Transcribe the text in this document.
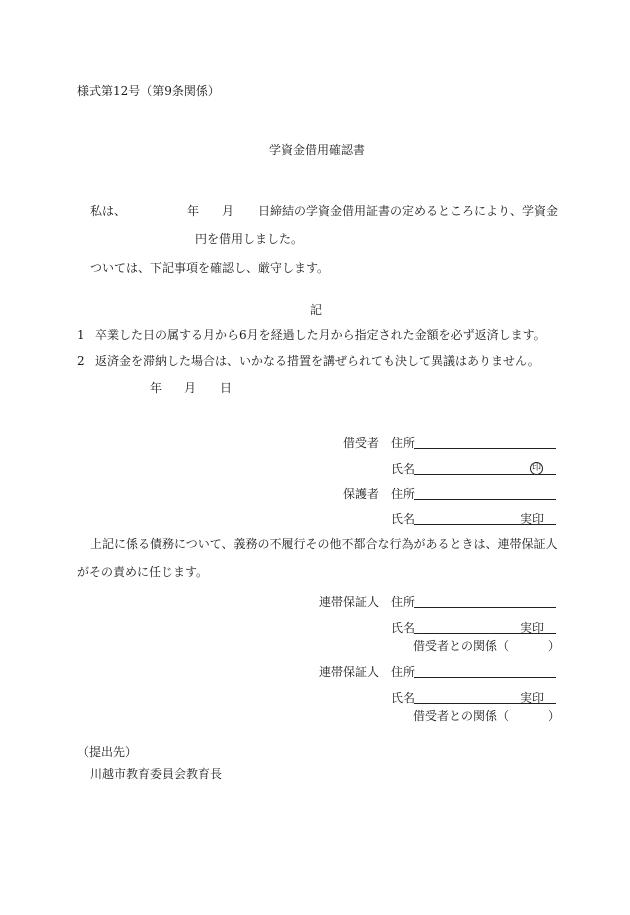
様式第12号（第9条関係）
学資金借用確認書
私は、	年 月 日締結の学資金借用証書の定めるところにより、学資金
円を借用しました。
ついては、下記事項を確認し、厳守します。
記
1 卒業した日の属する月から6月を経過した月から指定された金額を必ず返済します。
2 返済金を滞納した場合は、いかなる措置を講ぜられても決して異議はありません。
年 月 日
借受者 住所
氏名	印
保護者 住所
氏名	実印
上記に係る債務について、義務の不履行その他不都合な行為があるときは、連帯保証人
がその責めに任じます。
連帯保証人 住所
氏名	実印
借受者との関係（	）
連帯保証人 住所
氏名	実印
借受者との関係（	）
（提出先）
川越市教育委員会教育長
